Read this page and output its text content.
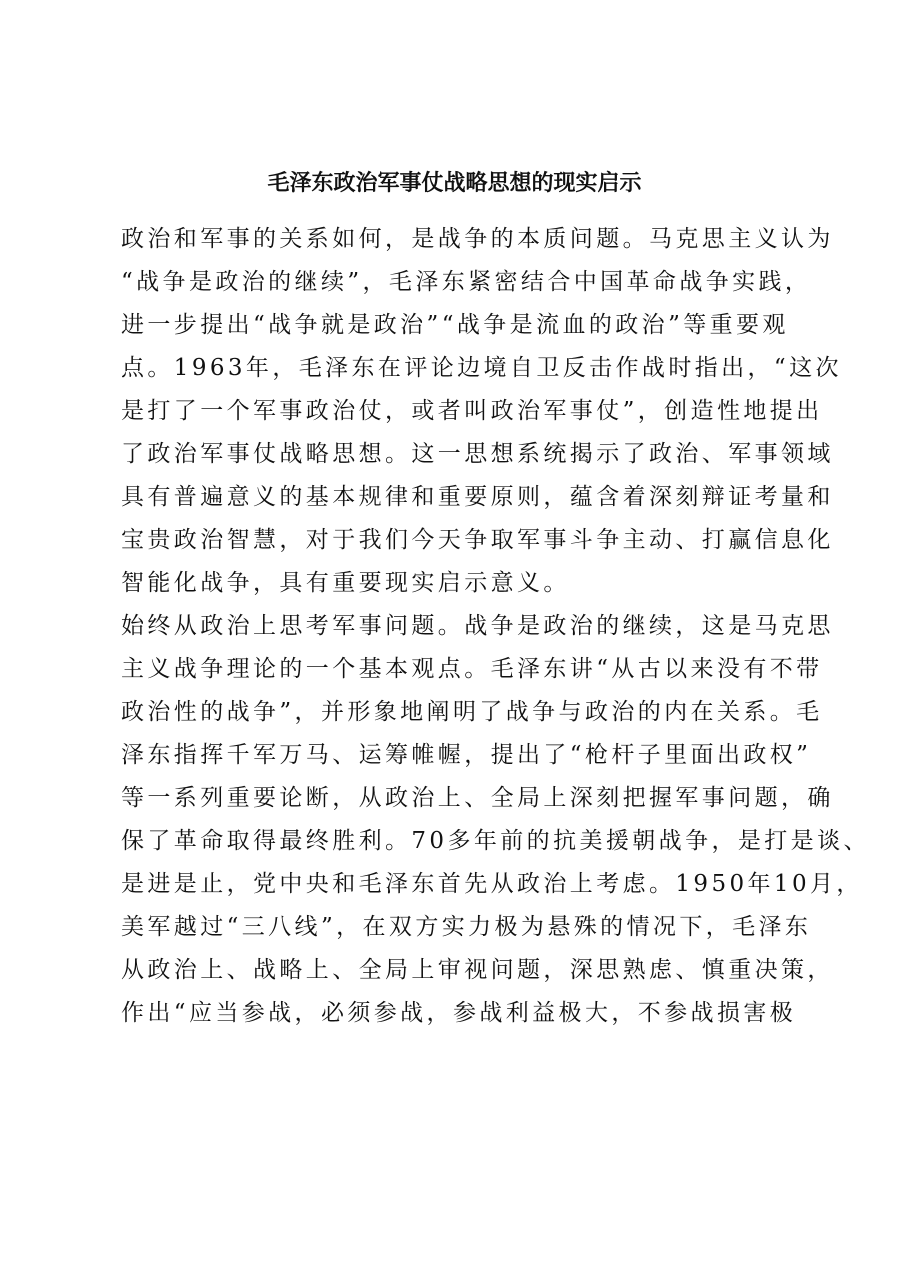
毛泽东政治军事仗战略思想的现实启示
政治和军事的关系如何，是战争的本质问题。马克思主义认为
“战争是政治的继续”，毛泽东紧密结合中国革命战争实践，
进一步提出“战争就是政治”“战争是流血的政治”等重要观
点。1963年，毛泽东在评论边境自卫反击作战时指出，“这次
是打了一个军事政治仗，或者叫政治军事仗”，创造性地提出
了政治军事仗战略思想。这一思想系统揭示了政治、军事领域
具有普遍意义的基本规律和重要原则，蕴含着深刻辩证考量和
宝贵政治智慧，对于我们今天争取军事斗争主动、打赢信息化
智能化战争，具有重要现实启示意义。
始终从政治上思考军事问题。战争是政治的继续，这是马克思
主义战争理论的一个基本观点。毛泽东讲“从古以来没有不带
政治性的战争”，并形象地阐明了战争与政治的内在关系。毛
泽东指挥千军万马、运筹帷幄，提出了“枪杆子里面出政权”
等一系列重要论断，从政治上、全局上深刻把握军事问题，确
保了革命取得最终胜利。70多年前的抗美援朝战争，是打是谈、
是进是止，党中央和毛泽东首先从政治上考虑。1950年10月，
美军越过“三八线”，在双方实力极为悬殊的情况下，毛泽东
从政治上、战略上、全局上审视问题，深思熟虑、慎重决策，
作出“应当参战，必须参战，参战利益极大，不参战损害极
